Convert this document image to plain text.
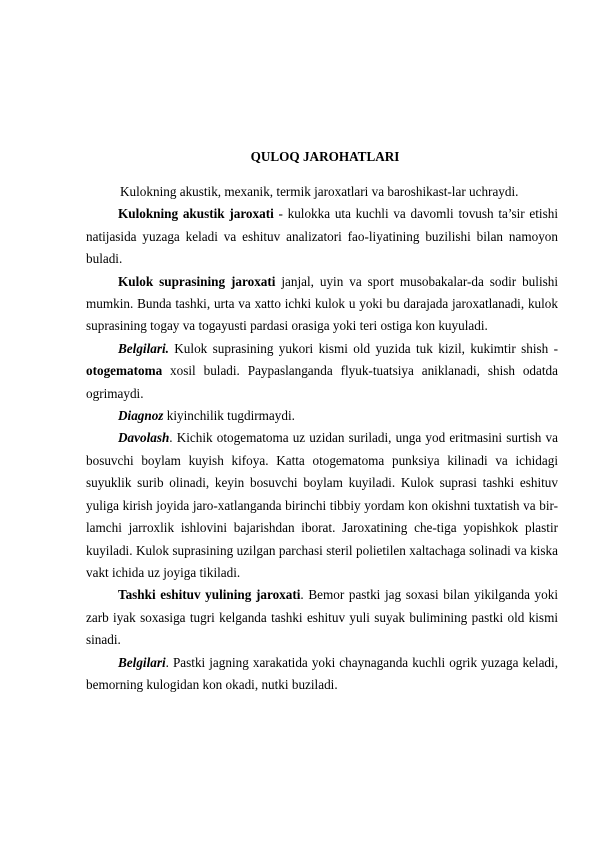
QULOQ JAROHATLARI

Kulokning akustik, mexanik, termik jaroxatlari va baroshikast-lar uchraydi.

Kulokning akustik jaroxati - kulokka uta kuchli va davomli tovush ta’sir etishi natijasida yuzaga keladi va eshituv analizatori fao-liyatining buzilishi bilan namoyon buladi.

Kulok suprasining jaroxati janjal, uyin va sport musobakalar-da sodir bulishi mumkin. Bunda tashki, urta va xatto ichki kulok u yoki bu darajada jaroxatlanadi, kulok suprasining togay va togayusti pardasi orasiga yoki teri ostiga kon kuyuladi.

Belgilari. Kulok suprasining yukori kismi old yuzida tuk kizil, kukimtir shish - otogematoma xosil buladi. Paypaslanganda flyuk-tuatsiya aniklanadi, shish odatda ogrimaydi.

Diagnoz kiyinchilik tugdirmaydi.

Davolash. Kichik otogematoma uz uzidan suriladi, unga yod eritmasini surtish va bosuvchi boylam kuyish kifoya. Katta otogematoma punksiya kilinadi va ichidagi suyuklik surib olinadi, keyin bosuvchi boylam kuyiladi. Kulok suprasi tashki eshituv yuliga kirish joyida jaro-xatlanganda birinchi tibbiy yordam kon okishni tuxtatish va bir-lamchi jarroxlik ishlovini bajarishdan iborat. Jaroxatining che-tiga yopishkok plastir kuyiladi. Kulok suprasining uzilgan parchasi steril polietilen xaltachaga solinadi va kiska vakt ichida uz joyiga tikiladi.

Tashki eshituv yulining jaroxati. Bemor pastki jag soxasi bilan yikilganda yoki zarb iyak soxasiga tugri kelganda tashki eshituv yuli suyak bulimining pastki old kismi sinadi.

Belgilari. Pastki jagning xarakatida yoki chaynaganda kuchli ogrik yuzaga keladi, bemorning kulogidan kon okadi, nutki buziladi.
